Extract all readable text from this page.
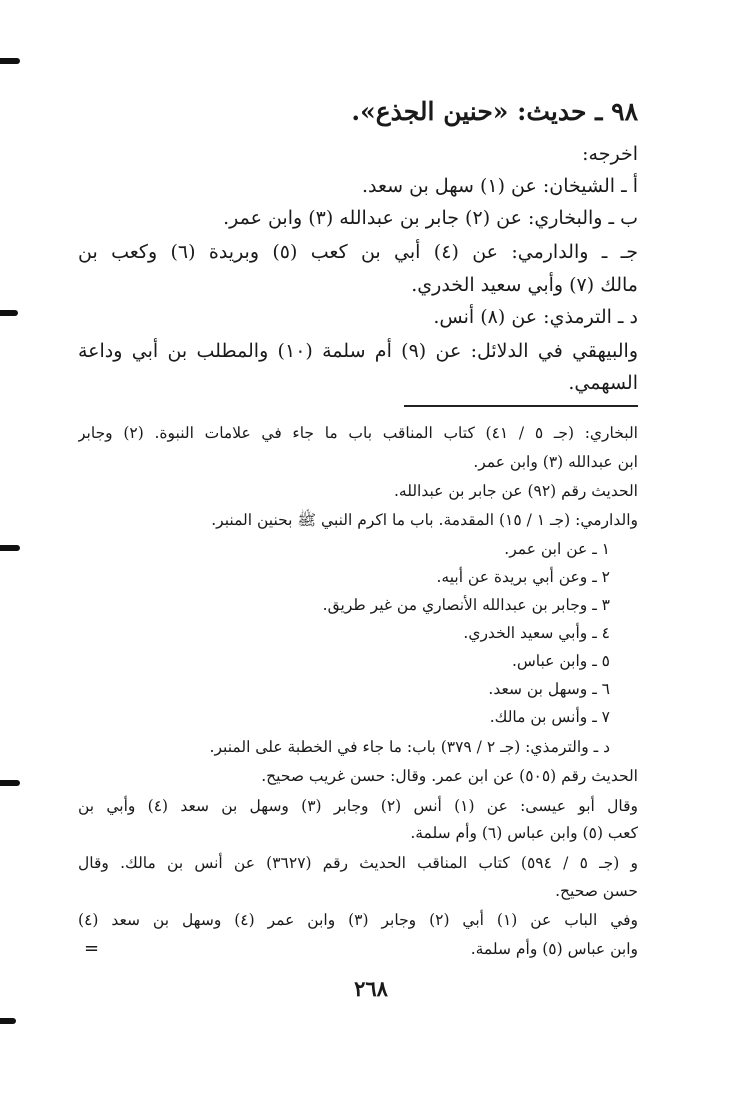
٩٨ ـ حديث: «حنين الجذع».
اخرجه:
أ ـ الشيخان: عن (١) سهل بن سعد.
ب ـ والبخاري: عن (٢) جابر بن عبدالله (٣) وابن عمر.
جـ ـ والدارمي: عن (٤) أبي بن كعب (٥) وبريدة (٦) وكعب بن
مالك (٧) وأبي سعيد الخدري.
د ـ الترمذي: عن (٨) أنس.
والبيهقي في الدلائل: عن (٩) أم سلمة (١٠) والمطلب بن أبي وداعة
السهمي.
البخاري: (جـ ٥ / ٤١) كتاب المناقب باب ما جاء في علامات النبوة. (٢) وجابر
ابن عبدالله (٣) وابن عمر.
الحديث رقم (٩٢) عن جابر بن عبدالله.
والدارمي: (جـ ١ / ١٥) المقدمة. باب ما اكرم النبي ﷺ بحنين المنبر.
١ ـ عن ابن عمر.
٢ ـ وعن أبي بريدة عن أبيه.
٣ ـ وجابر بن عبدالله الأنصاري من غير طريق.
٤ ـ وأبي سعيد الخدري.
٥ ـ وابن عباس.
٦ ـ وسهل بن سعد.
٧ ـ وأنس بن مالك.
د ـ والترمذي: (جـ ٢ / ٣٧٩) باب: ما جاء في الخطبة على المنبر.
الحديث رقم (٥٠٥) عن ابن عمر. وقال: حسن غريب صحيح.
وقال أبو عيسى: عن (١) أنس (٢) وجابر (٣) وسهل بن سعد (٤) وأبي بن
كعب (٥) وابن عباس (٦) وأم سلمة.
و (جـ ٥ / ٥٩٤) كتاب المناقب الحديث رقم (٣٦٢٧) عن أنس بن مالك. وقال
حسن صحيح.
وفي الباب عن (١) أبي (٢) وجابر (٣) وابن عمر (٤) وسهل بن سعد (٤)
وابن عباس (٥) وأم سلمة.
=
٢٦٨
